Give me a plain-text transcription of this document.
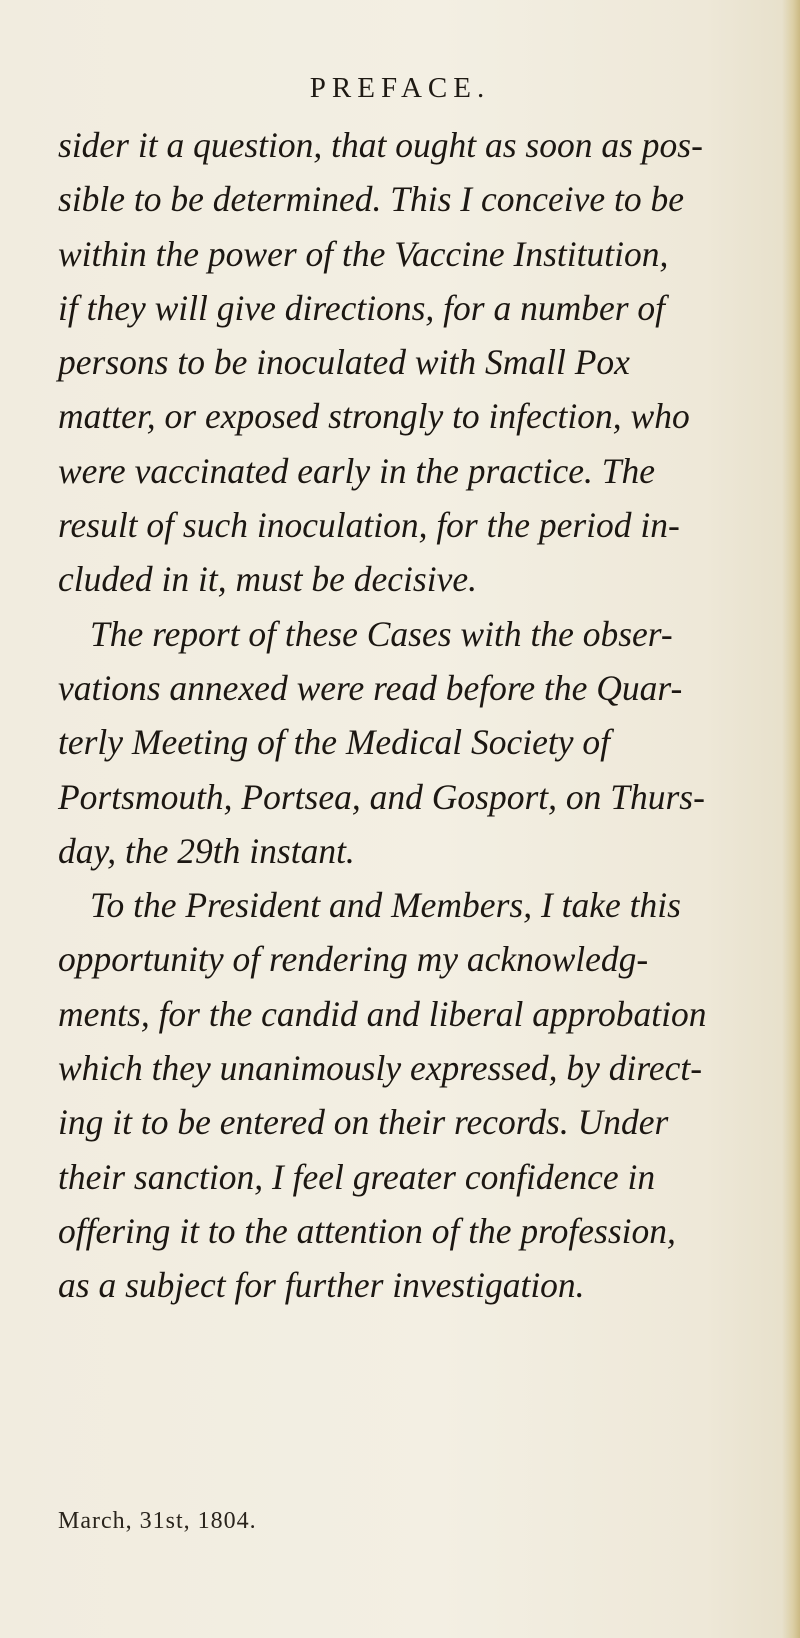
PREFACE.
sider it a question, that ought as soon as pos-
sible to be determined. This I conceive to be
within the power of the Vaccine Institution,
if they will give directions, for a number of
persons to be inoculated with Small Pox
matter, or exposed strongly to infection, who
were vaccinated early in the practice. The
result of such inoculation, for the period in-
cluded in it, must be decisive.
The report of these Cases with the obser-
vations annexed were read before the Quar-
terly Meeting of the Medical Society of
Portsmouth, Portsea, and Gosport, on Thurs-
day, the 29th instant.
To the President and Members, I take this
opportunity of rendering my acknowledg-
ments, for the candid and liberal approbation
which they unanimously expressed, by direct-
ing it to be entered on their records. Under
their sanction, I feel greater confidence in
offering it to the attention of the profession,
as a subject for further investigation.
March, 31st, 1804.
